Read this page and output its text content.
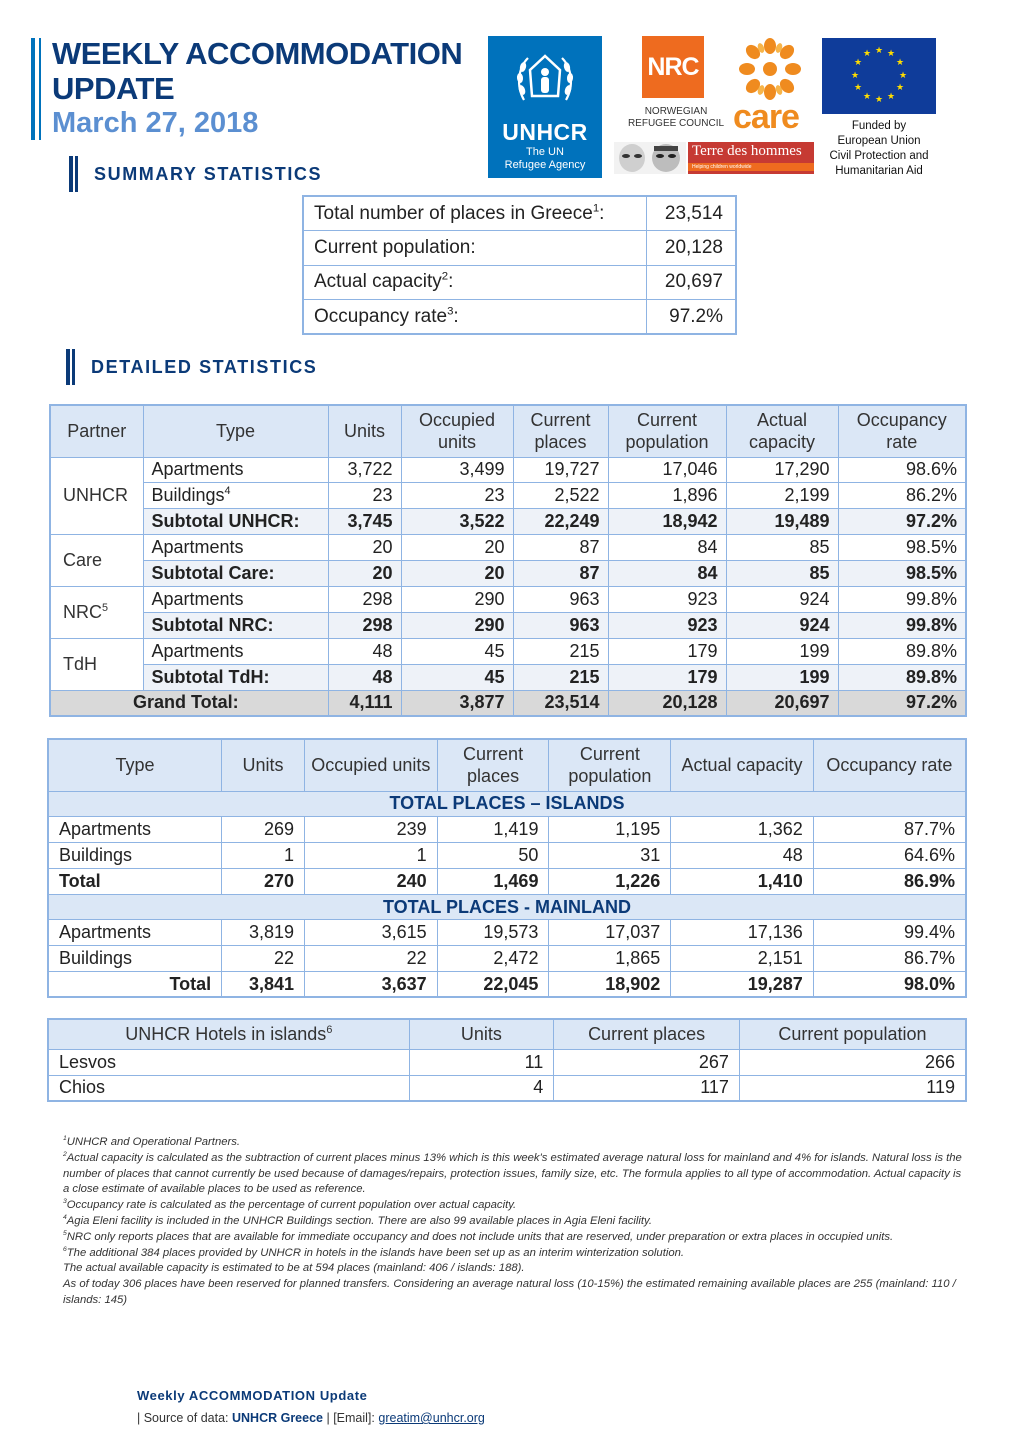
WEEKLY ACCOMMODATION
UPDATE
March 27, 2018	UNHCR
The UN
Refugee Agency
NRC
NORWEGIAN
REFUGEE COUNCIL care
Terre des hommes
Helping children worldwide
★ ★
★
★
★
★
★
★
★
★
★
★
Funded by
European Union
Civil Protection and
Humanitarian Aid
SUMMARY STATISTICS
DETAILED STATISTICS
Total number of places in Greece$^1$:	23,514
Current population:	20,128
Actual capacity$^2$:	20,697
Occupancy rate$^3$:	97.2%
Partner	Type	Units	Occupied units	Current places	Current population	Actual capacity	Occupancy rate
UNHCR	Apartments	3,722	3,499	19,727	17,046	17,290	98.6%
	Buildings$^4$	23	23	2,522	1,896	2,199	86.2%
	Subtotal UNHCR:	3,745	3,522	22,249	18,942	19,489	97.2%
Care	Apartments	20	20	87	84	85	98.5%
	Subtotal Care:	20	20	87	84	85	98.5%
NRC$^5$	Apartments	298	290	963	923	924	99.8%
	Subtotal NRC:	298	290	963	923	924	99.8%
TdH	Apartments	48	45	215	179	199	89.8%
	Subtotal TdH:	48	45	215	179	199	89.8%
Grand Total:		4,111	3,877	23,514	20,128	20,697	97.2%
Type	Units	Occupied units	Current places	Current population	Actual capacity	Occupancy rate
TOTAL PLACES – ISLANDS						
Apartments	269	239	1,419	1,195	1,362	87.7%
Buildings	1	1	50	31	48	64.6%
Total	270	240	1,469	1,226	1,410	86.9%
TOTAL PLACES - MAINLAND						
Apartments	3,819	3,615	19,573	17,037	17,136	99.4%
Buildings	22	22	2,472	1,865	2,151	86.7%
Total	3,841	3,637	22,045	18,902	19,287	98.0%
UNHCR Hotels in islands$^6$	Units	Current places	Current population
Lesvos	11	267	266
Chios	4	117	119

$^1$UNHCR and Operational Partners.

$^2$Actual capacity is calculated as the subtraction of current places minus 13% which is this week's estimated average natural loss for mainland and 4% for islands. Natural loss is the number of places that cannot currently be used because of damages/repairs, protection issues, family size, etc. The formula applies to all type of accommodation. Actual capacity is a close estimate of available places to be used as reference.

$^3$Occupancy rate is calculated as the percentage of current population over actual capacity.

$^4$Agia Eleni facility is included in the UNHCR Buildings section. There are also 99 available places in Agia Eleni facility.

$^5$NRC only reports places that are available for immediate occupancy and does not include units that are reserved, under preparation or extra places in occupied units.

$^6$The additional 384 places provided by UNHCR in hotels in the islands have been set up as an interim winterization solution.

The actual available capacity is estimated to be at 594 places (mainland: 406 / islands: 188).

As of today 306 places have been reserved for planned transfers. Considering an average natural loss (10-15%) the estimated remaining available places are 255 (mainland: 110 / islands: 145)

Weekly ACCOMMODATION Update
| Source of data: UNHCR Greece | [Email]: greatim@unhcr.org
